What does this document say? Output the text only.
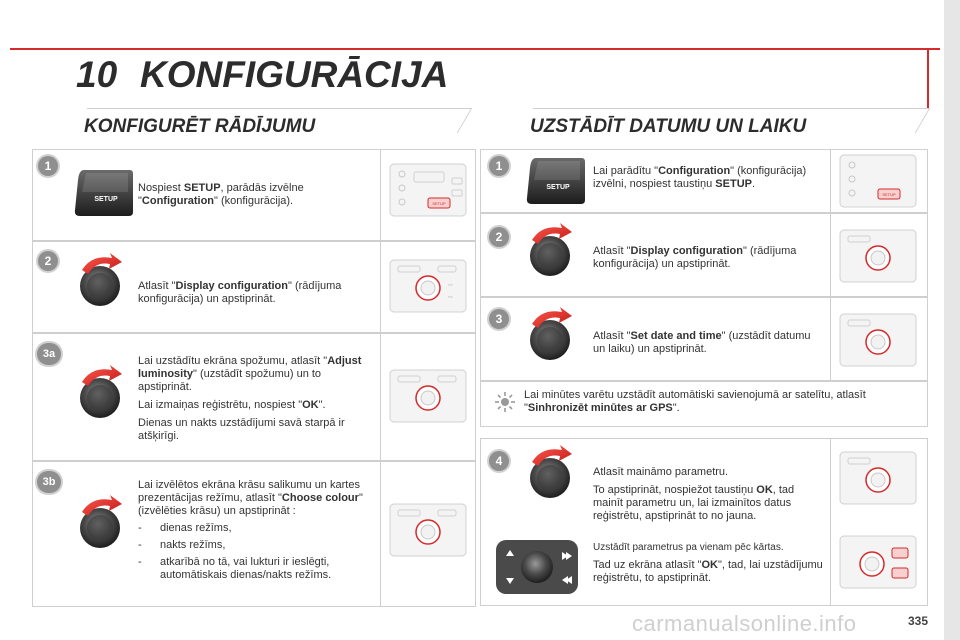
10 KONFIGURĀCIJA
KONFIGURĒT RĀDĪJUMU
1
SETUP
Nospiest SETUP, parādās izvēlne "Configuration" (konfigurācija).	SETUP
2
Atlasīt "Display configuration" (rādījuma konfigurācija) un apstiprināt.
>>
<<
3a

Lai uzstādītu ekrāna spožumu, atlasīt "Adjust luminosity" (uzstādīt spožumu) un to apstiprināt.

Lai izmaiņas reģistrētu, nospiest "OK".

Dienas un nakts uzstādījumi savā starpā ir atšķirīgi.

3b	Lai izvēlētos ekrāna krāsu salikumu un kartes prezentācijas režīmu, atlasīt "Choose colour" (izvēlēties krāsu) un apstiprināt :

- dienas režīms,
- nakts režīms,
- atkarībā no tā, vai lukturi ir ieslēgti, automātiskais dienas/nakts režīms.
UZSTĀDĪT DATUMU UN LAIKU
1
SETUP
Lai parādītu "Configuration" (konfigurācija) izvēlni, nospiest taustiņu SETUP.
SETUP
2
Atlasīt "Display configuration" (rādījuma konfigurācija) un apstiprināt.
3
Atlasīt "Set date and time" (uzstādīt datumu un laiku) un apstiprināt.
Lai minūtes varētu uzstādīt automātiski savienojumā ar satelītu, atlasīt "Sinhronizēt minūtes ar GPS".
4

Atlasīt maināmo parametru.

To apstiprināt, nospiežot taustiņu OK, tad mainīt parametru un, lai izmainītos datus reģistrētu, apstiprināt to no jauna.

Uzstādīt parametrus pa vienam pēc kārtas.

Tad uz ekrāna atlasīt "OK", tad, lai uzstādījumu reģistrētu, to apstiprināt.

carmanualsonline.info	335
